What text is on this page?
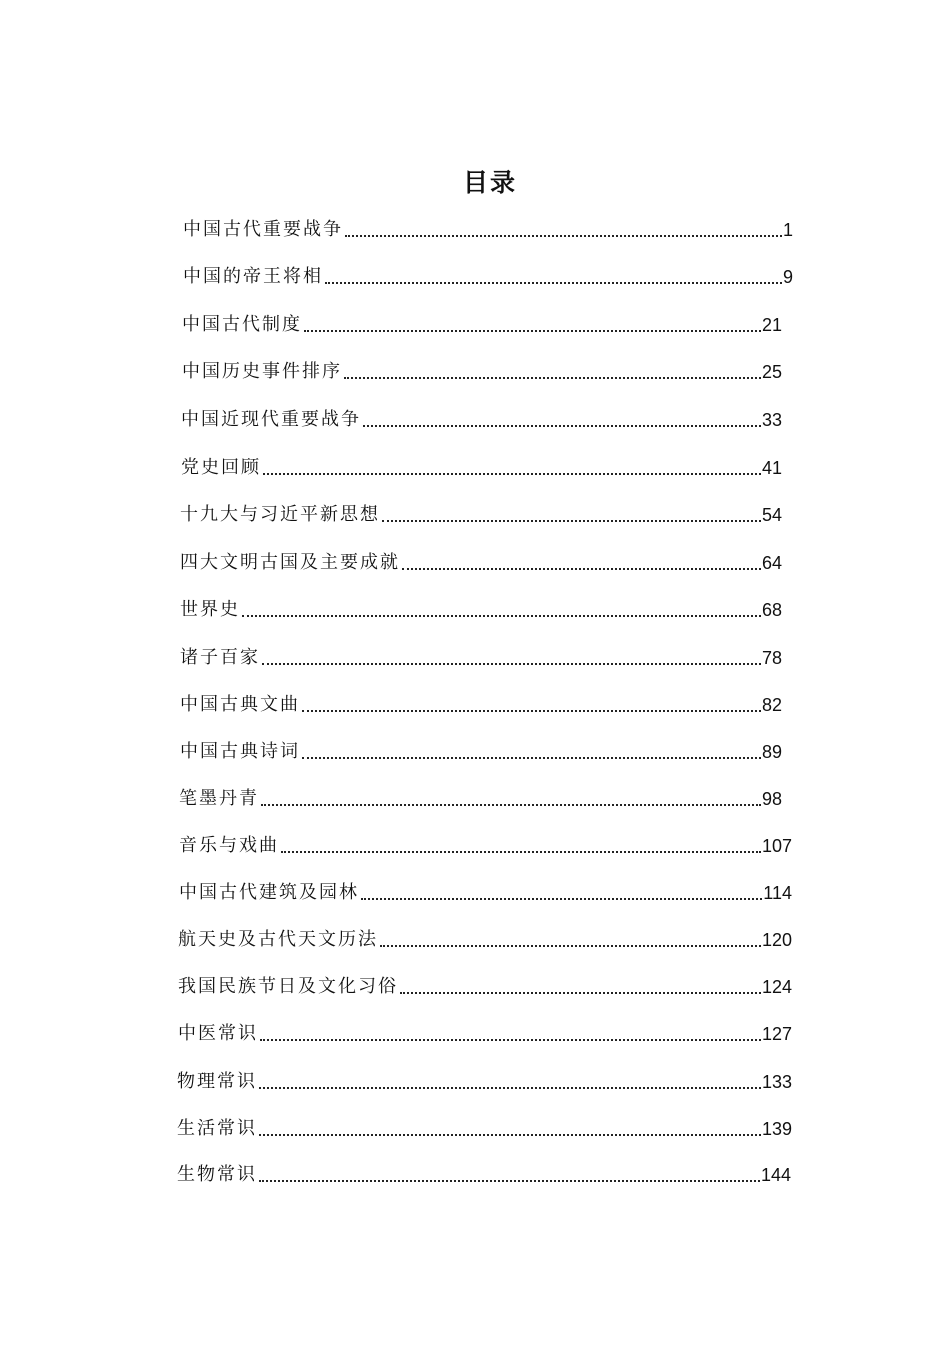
目录
中国古代重要战争	1
中国的帝王将相	9
中国古代制度	21
中国历史事件排序	25
中国近现代重要战争	33
党史回顾	41
十九大与习近平新思想	54
四大文明古国及主要成就	64
世界史	68
诸子百家	78
中国古典文曲	82
中国古典诗词	89
笔墨丹青	98
音乐与戏曲	107
中国古代建筑及园林	114
航天史及古代天文历法	120
我国民族节日及文化习俗	124
中医常识	127
物理常识	133
生活常识	139
生物常识	144
